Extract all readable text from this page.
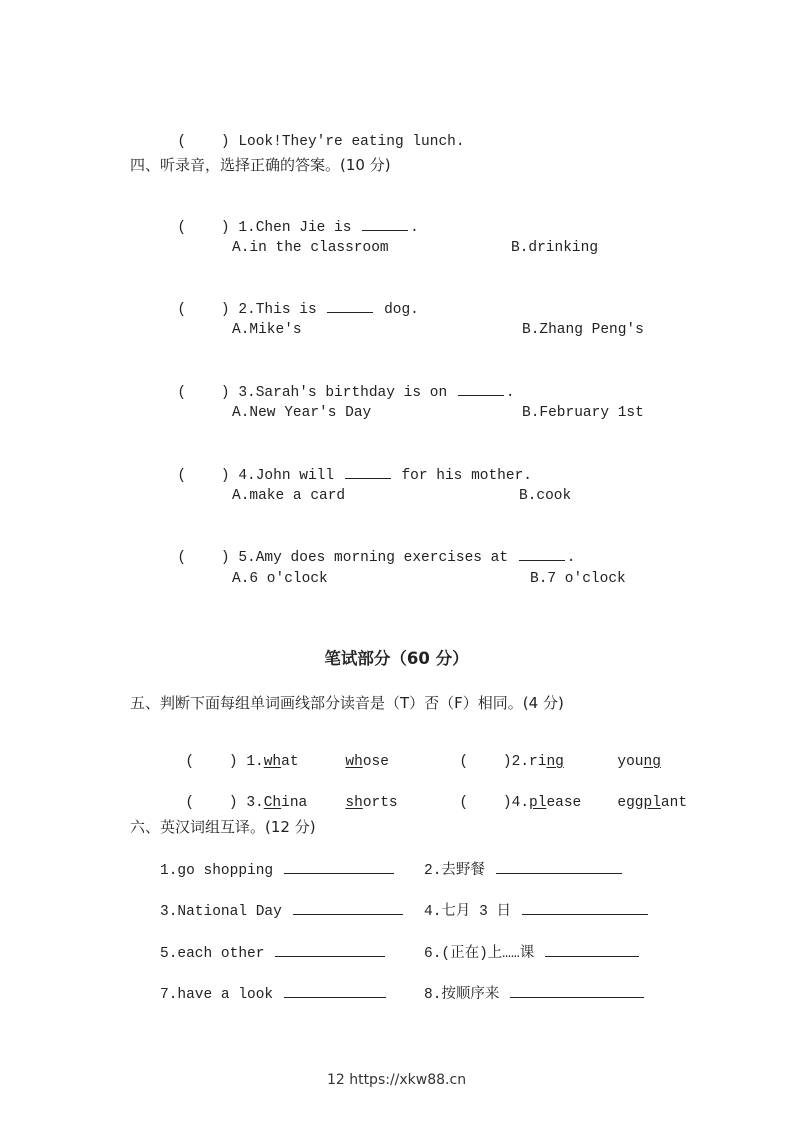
(    ) Look!They're eating lunch.

四、听录音，选择正确的答案。(10 分)

(    ) 1.Chen Jie is	.

A.in the classroom	B.drinking

(    ) 2.This is	dog.

A.Mike's	B.Zhang Peng's

(    ) 3.Sarah's birthday is on	.

A.New Year's Day	B.February 1st

(    ) 4.John will	for his mother.

A.make a card	B.cook

(    ) 5.Amy does morning exercises at	.

A.6 o'clock	B.7 o'clock
笔试部分（60 分）
五、判断下面每组单词画线部分读音是（T）否（F）相同。(4 分)

(    ) 1.what	whose	(    )2.ring	young

(    ) 3.China	shorts	(    )4.please	eggplant

六、英汉词组互译。(12 分)
1.go shopping	2.去野餐
3.National Day	4.七月 3 日
5.each other	6.(正在)上……课
7.have a look	8.按顺序来
12 https://xkw88.cn
